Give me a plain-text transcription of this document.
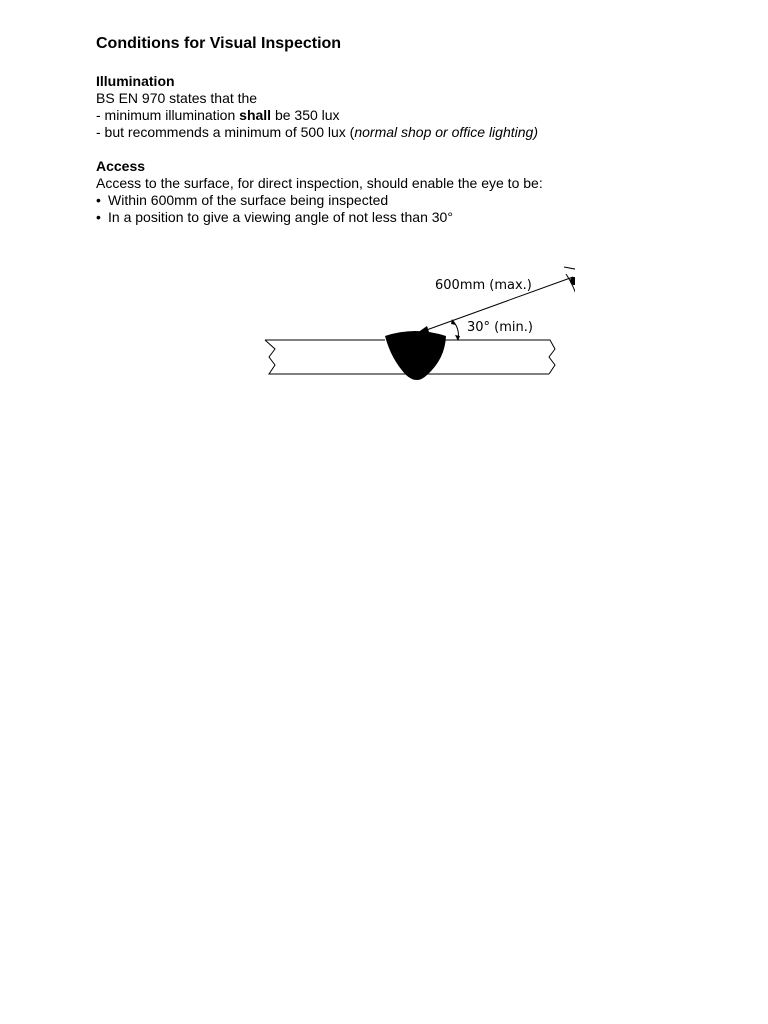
Conditions for Visual Inspection

Illumination

BS EN 970 states that the

- minimum illumination shall be 350 lux

- but recommends a minimum of 500 lux (normal shop or office lighting)

Access

Access to the surface, for direct inspection, should enable the eye to be:

• Within 600mm of the surface being inspected
• In a position to give a viewing angle of not less than 30°
600mm (max.)
30° (min.)
